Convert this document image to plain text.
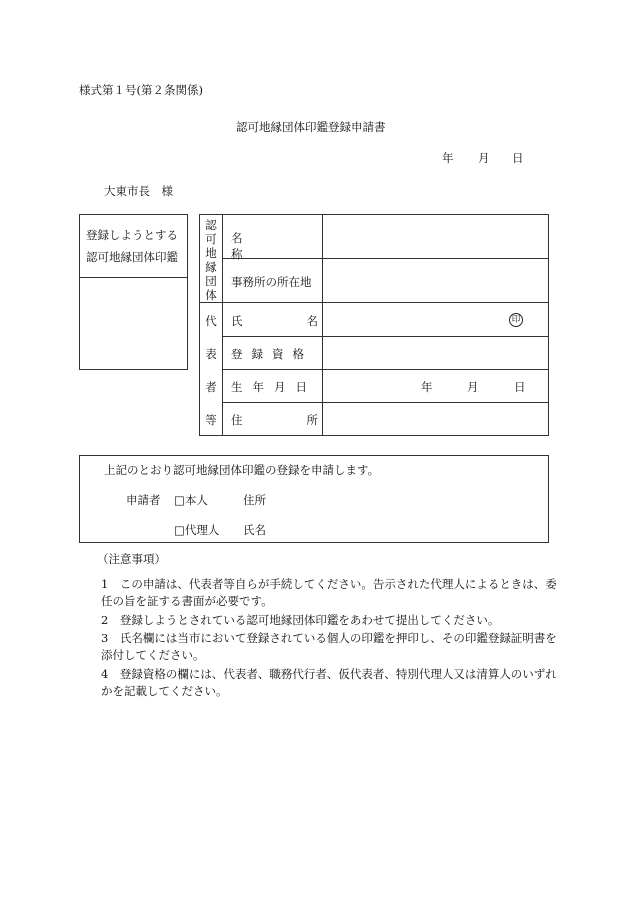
様式第１号(第２条関係)
認可地縁団体印鑑登録申請書
年 月 日
大東市長　様
登録しようとする
認可地縁団体印鑑
認可地縁団体
名称
事務所の所在地
代表者等
氏名	印
登録資格
生年月日	年	月	日
住所
上記のとおり認可地縁団体印鑑の登録を申請します。
申請者 □本人	住所
□代理人 氏名
（注意事項）
1　この申請は、代表者等自らが手続してください。告示された代理人によるときは、委任の旨を証する書面が必要です。
2　登録しようとされている認可地縁団体印鑑をあわせて提出してください。
3　氏名欄には当市において登録されている個人の印鑑を押印し、その印鑑登録証明書を添付してください。
4　登録資格の欄には、代表者、職務代行者、仮代表者、特別代理人又は清算人のいずれかを記載してください。
